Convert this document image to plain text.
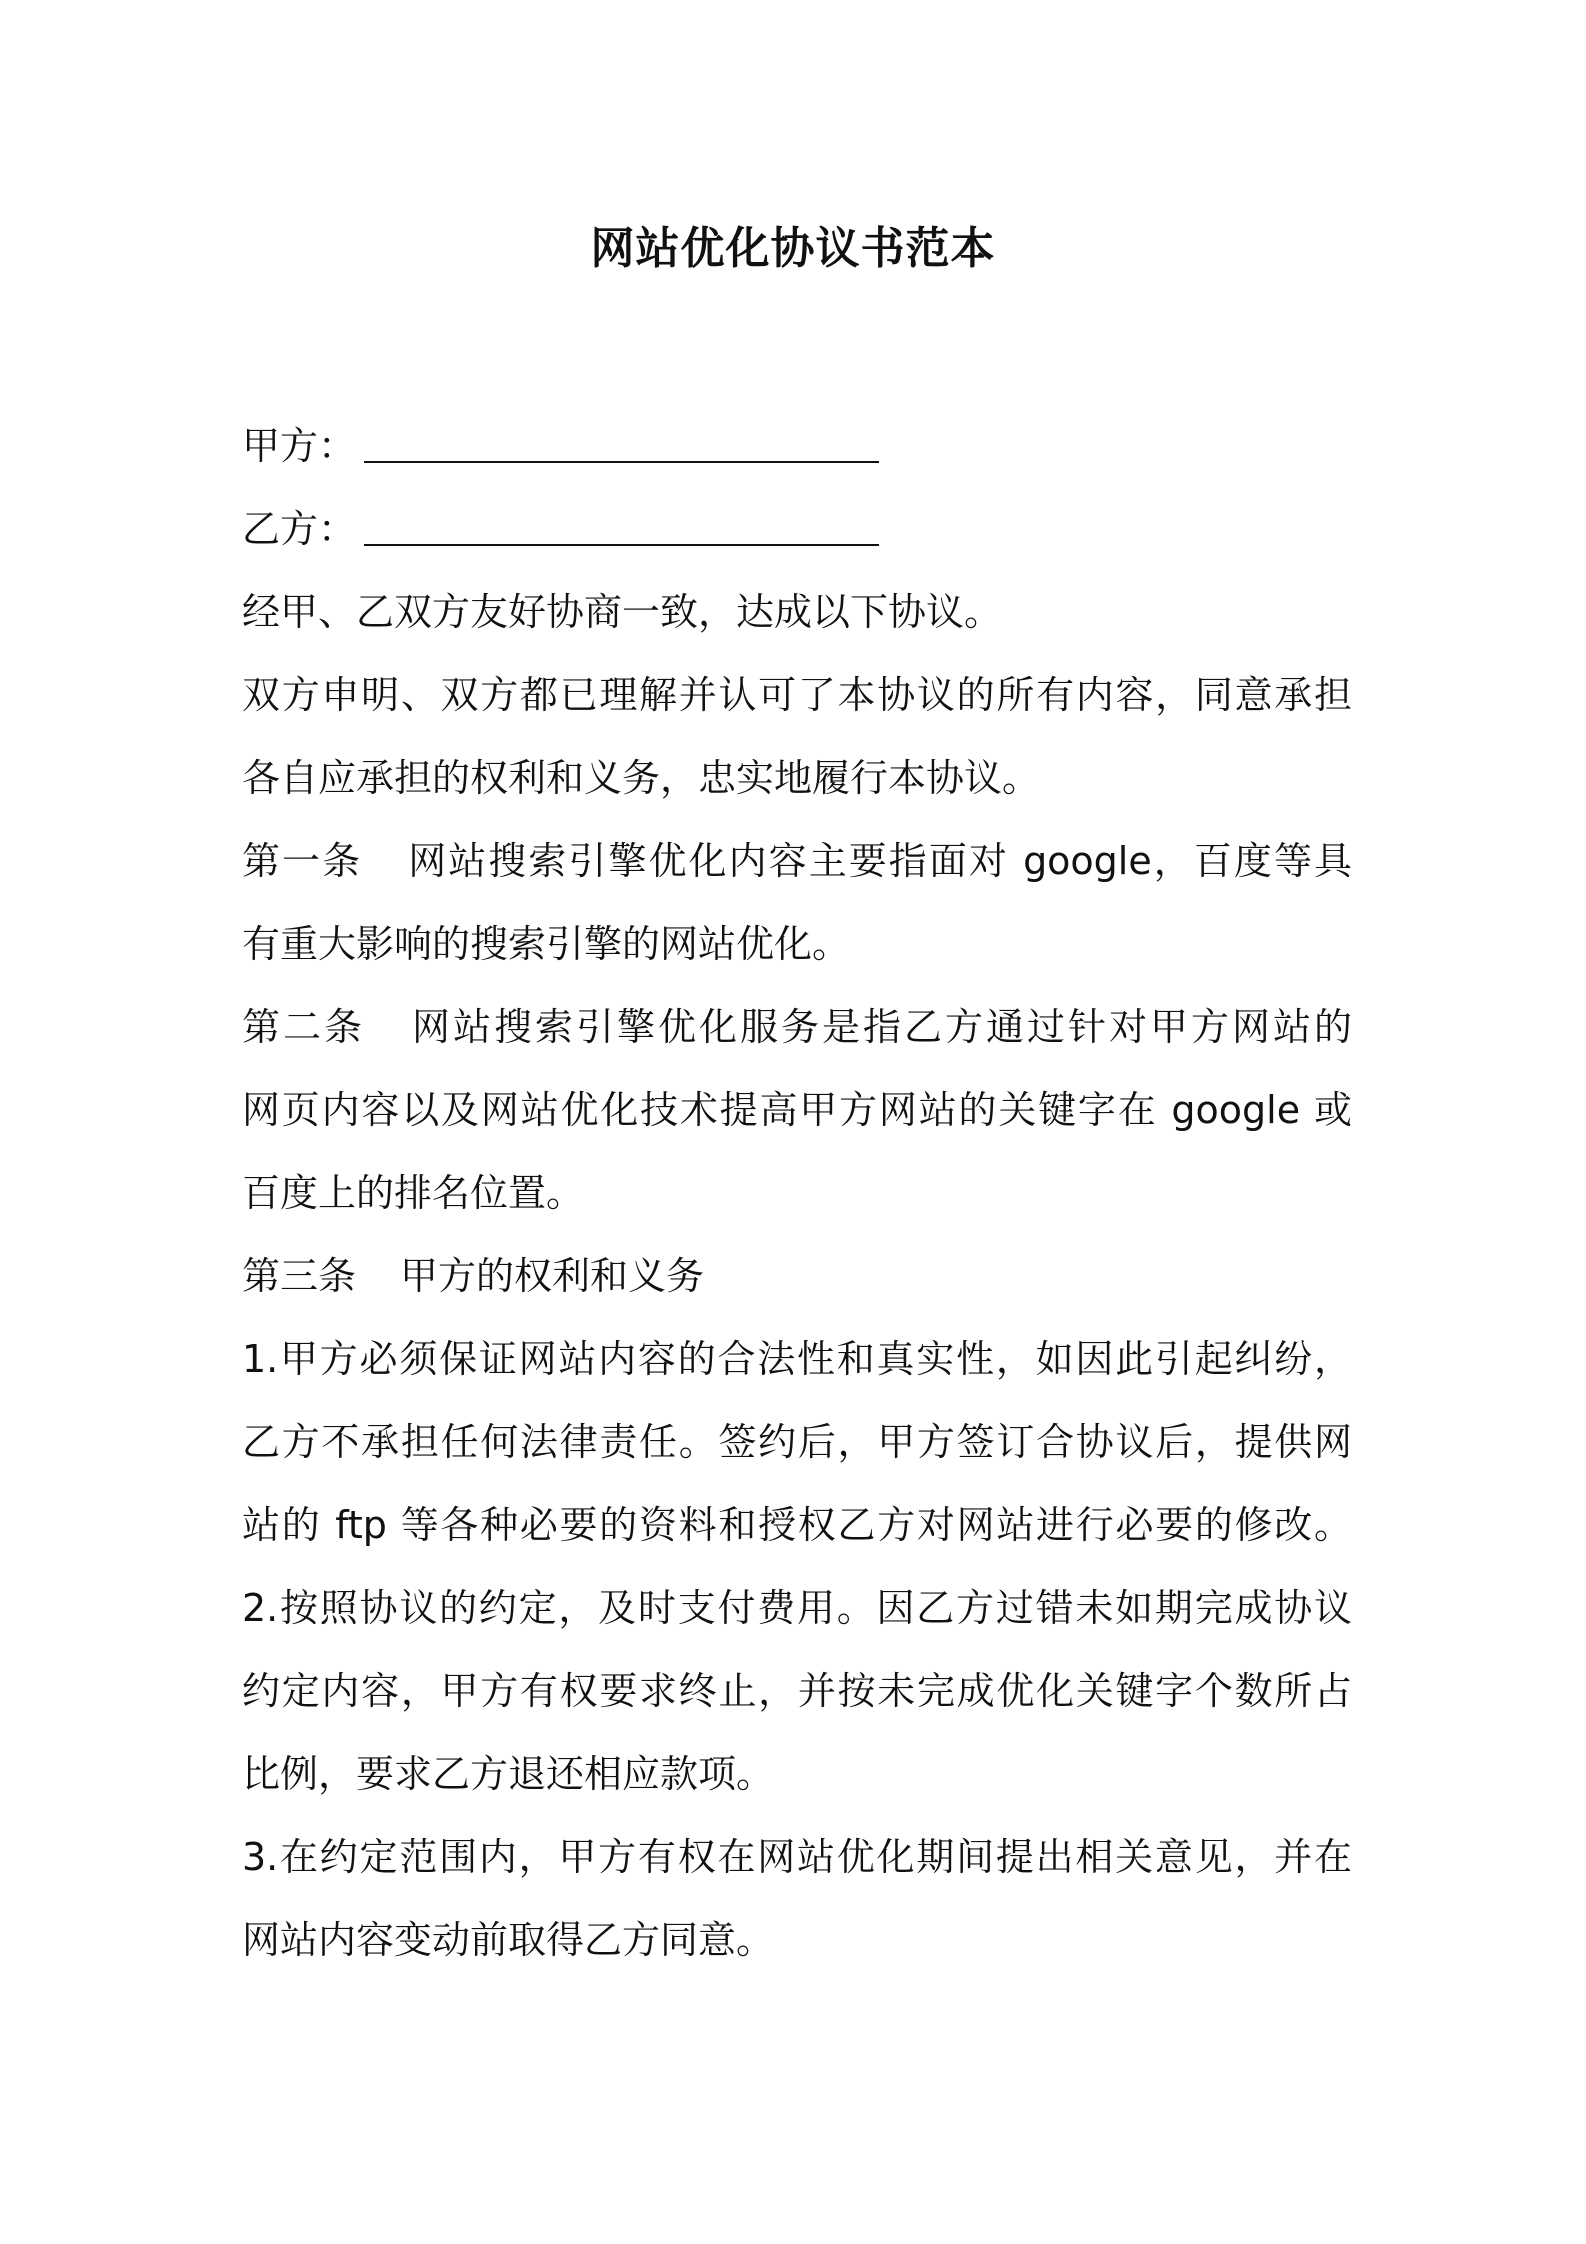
网站优化协议书范本
甲方：
乙方：
经甲、乙双方友好协商一致，达成以下协议。
双方申明、双方都已理解并认可了本协议的所有内容，同意承担
各自应承担的权利和义务，忠实地履行本协议。
第一条 网站搜索引擎优化内容主要指面对 google，百度等具
有重大影响的搜索引擎的网站优化。
第二条 网站搜索引擎优化服务是指乙方通过针对甲方网站的
网页内容以及网站优化技术提高甲方网站的关键字在 google 或
百度上的排名位置。
第三条 甲方的权利和义务
1.甲方必须保证网站内容的合法性和真实性，如因此引起纠纷，
乙方不承担任何法律责任。签约后，甲方签订合协议后，提供网
站的 ftp 等各种必要的资料和授权乙方对网站进行必要的修改。
2.按照协议的约定，及时支付费用。因乙方过错未如期完成协议
约定内容，甲方有权要求终止，并按未完成优化关键字个数所占
比例，要求乙方退还相应款项。
3.在约定范围内，甲方有权在网站优化期间提出相关意见，并在
网站内容变动前取得乙方同意。
